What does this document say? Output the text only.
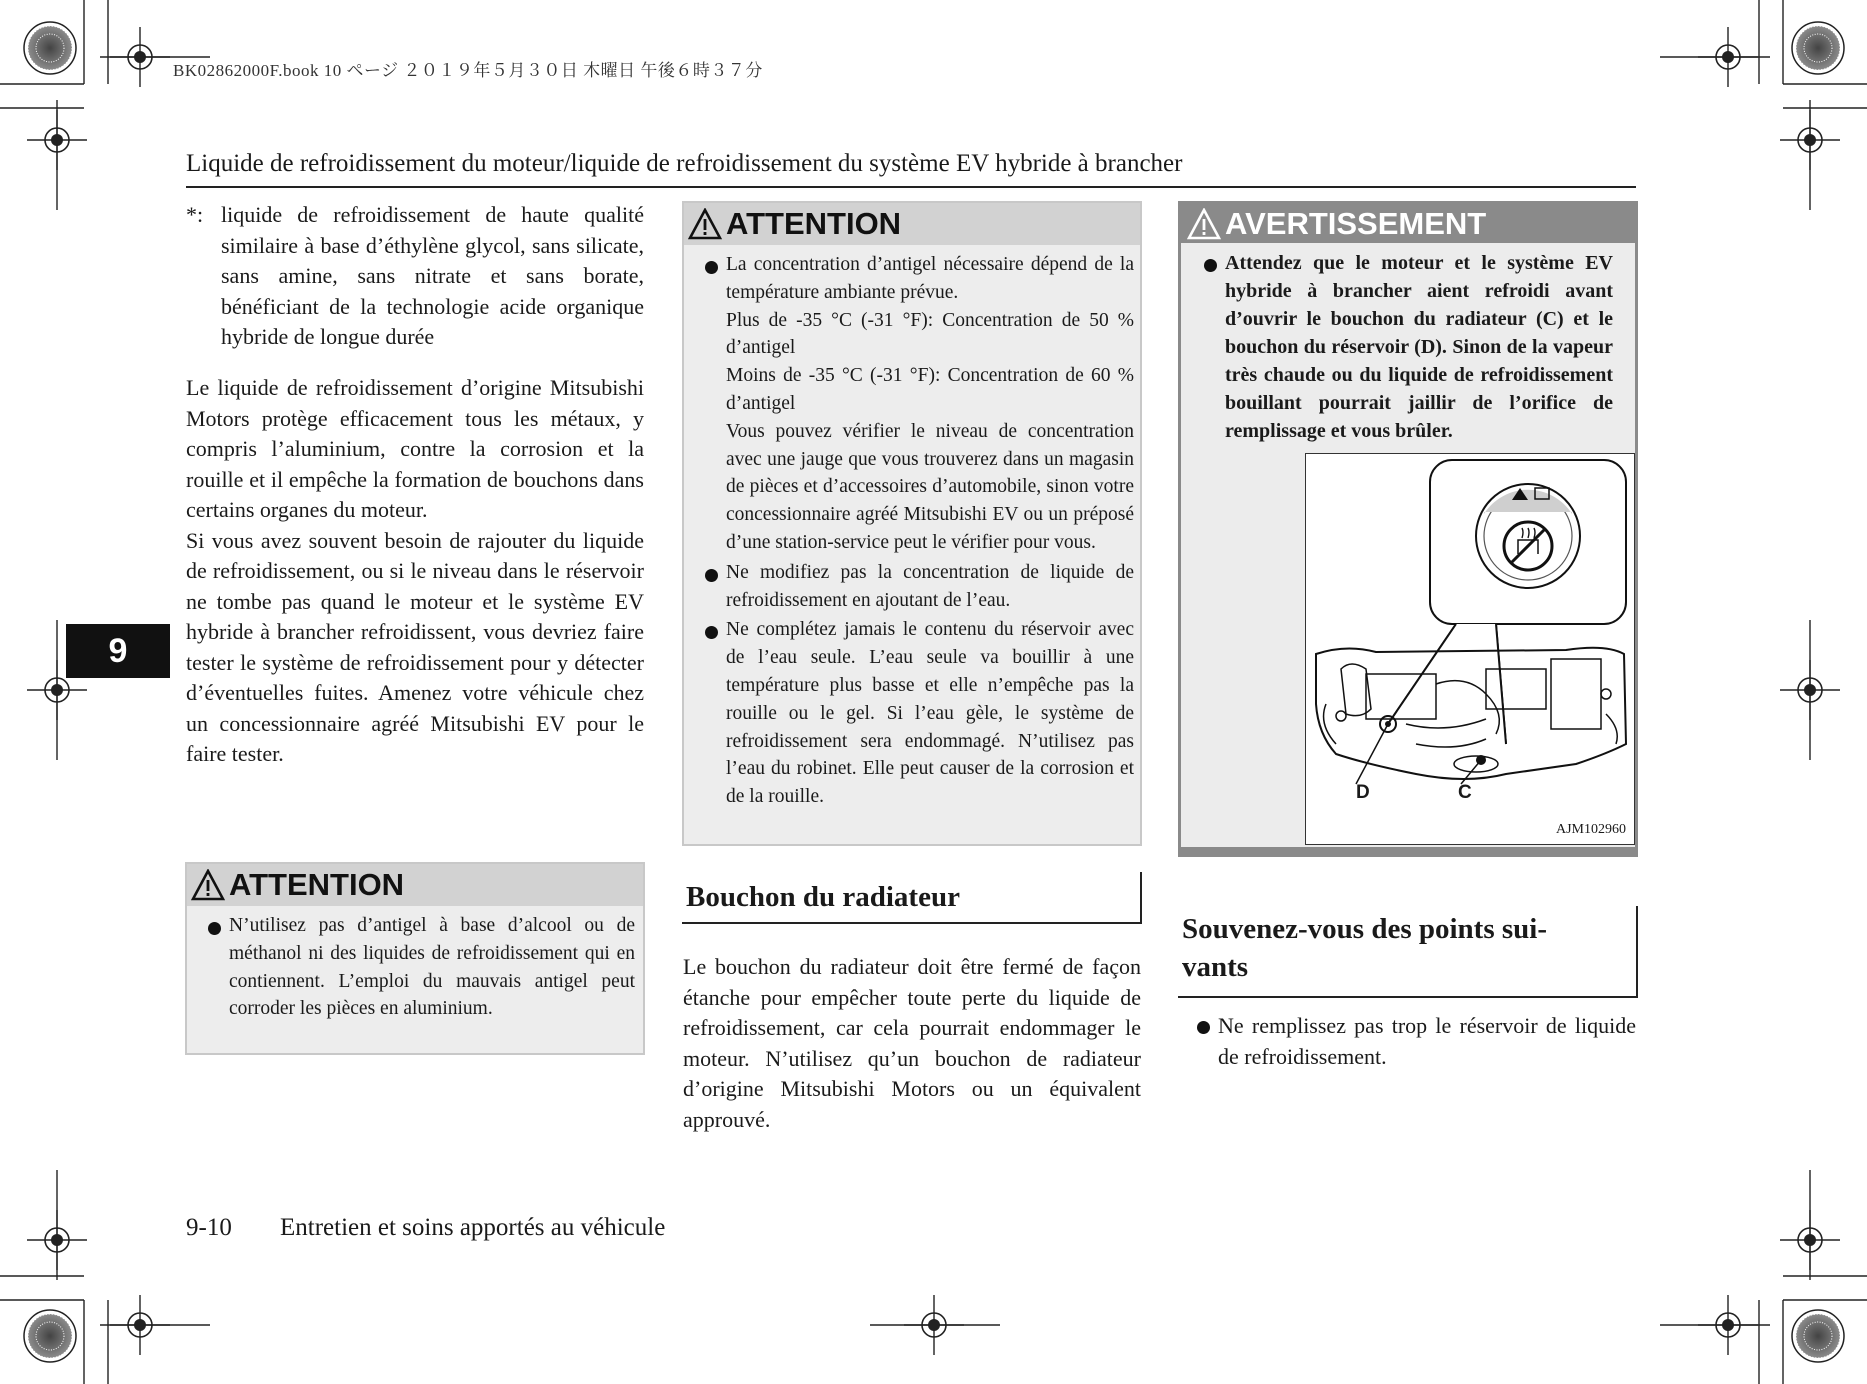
BK02862000F.book 10 ページ ２０１９年５月３０日 木曜日 午後６時３７分
Liquide de refroidissement du moteur/liquide de refroidissement du système EV hybride à brancher
9
*: liquide de refroidissement de haute qualité similaire à base d’éthylène glycol, sans silicate, sans amine, sans nitrate et sans borate, bénéficiant de la technologie acide organique hybride de longue durée

Le liquide de refroidissement d’origine Mitsubishi Motors protège efficacement tous les métaux, y compris l’aluminium, contre la corrosion et la rouille et il empêche la formation de bouchons dans certains organes du moteur.

Si vous avez souvent besoin de rajouter du liquide de refroidissement, ou si le niveau dans le réservoir ne tombe pas quand le moteur et le système EV hybride à brancher refroidissent, vous devriez faire tester le système de refroidissement pour y détecter d’éventuelles fuites. Amenez votre véhicule chez un concessionnaire agréé Mitsubishi EV pour le faire tester.

ATTENTION
N’utilisez pas d’antigel à base d’alcool ou de méthanol ni des liquides de refroidissement qui en contiennent. L’emploi du mauvais antigel peut corroder les pièces en aluminium.
ATTENTION
La concentration d’antigel nécessaire dépend de la température ambiante prévue.
Plus de -35 °C (-31 °F): Concentration de 50 % d’antigel
Moins de -35 °C (-31 °F): Concentration de 60 % d’antigel
Vous pouvez vérifier le niveau de concentration avec une jauge que vous trouverez dans un magasin de pièces et d’accessoires d’automobile, sinon votre concessionnaire agréé Mitsubishi EV ou un préposé d’une station-service peut le vérifier pour vous.
Ne modifiez pas la concentration de liquide de refroidissement en ajoutant de l’eau.
Ne complétez jamais le contenu du réservoir avec de l’eau seule. L’eau seule va bouillir à une température plus basse et elle n’empêche pas la rouille ou le gel. Si l’eau gèle, le système de refroidissement sera endommagé. N’utilisez pas l’eau du robinet. Elle peut causer de la corrosion et de la rouille.
Bouchon du radiateur

Le bouchon du radiateur doit être fermé de façon étanche pour empêcher toute perte du liquide de refroidissement, car cela pourrait endommager le moteur. N’utilisez qu’un bouchon de radiateur d’origine Mitsubishi Motors ou un équivalent approuvé.

AVERTISSEMENT
Attendez que le moteur et le système EV hybride à brancher aient refroidi avant d’ouvrir le bouchon du radiateur (C) et le bouchon du réservoir (D). Sinon de la vapeur très chaude ou du liquide de refroidissement bouillant pourrait jaillir de l’orifice de remplissage et vous brûler.
D	C
AJM102960
Souvenez-vous des points sui-
vants
Ne remplissez pas trop le réservoir de liquide de refroidissement.
9-10 Entretien et soins apportés au véhicule
